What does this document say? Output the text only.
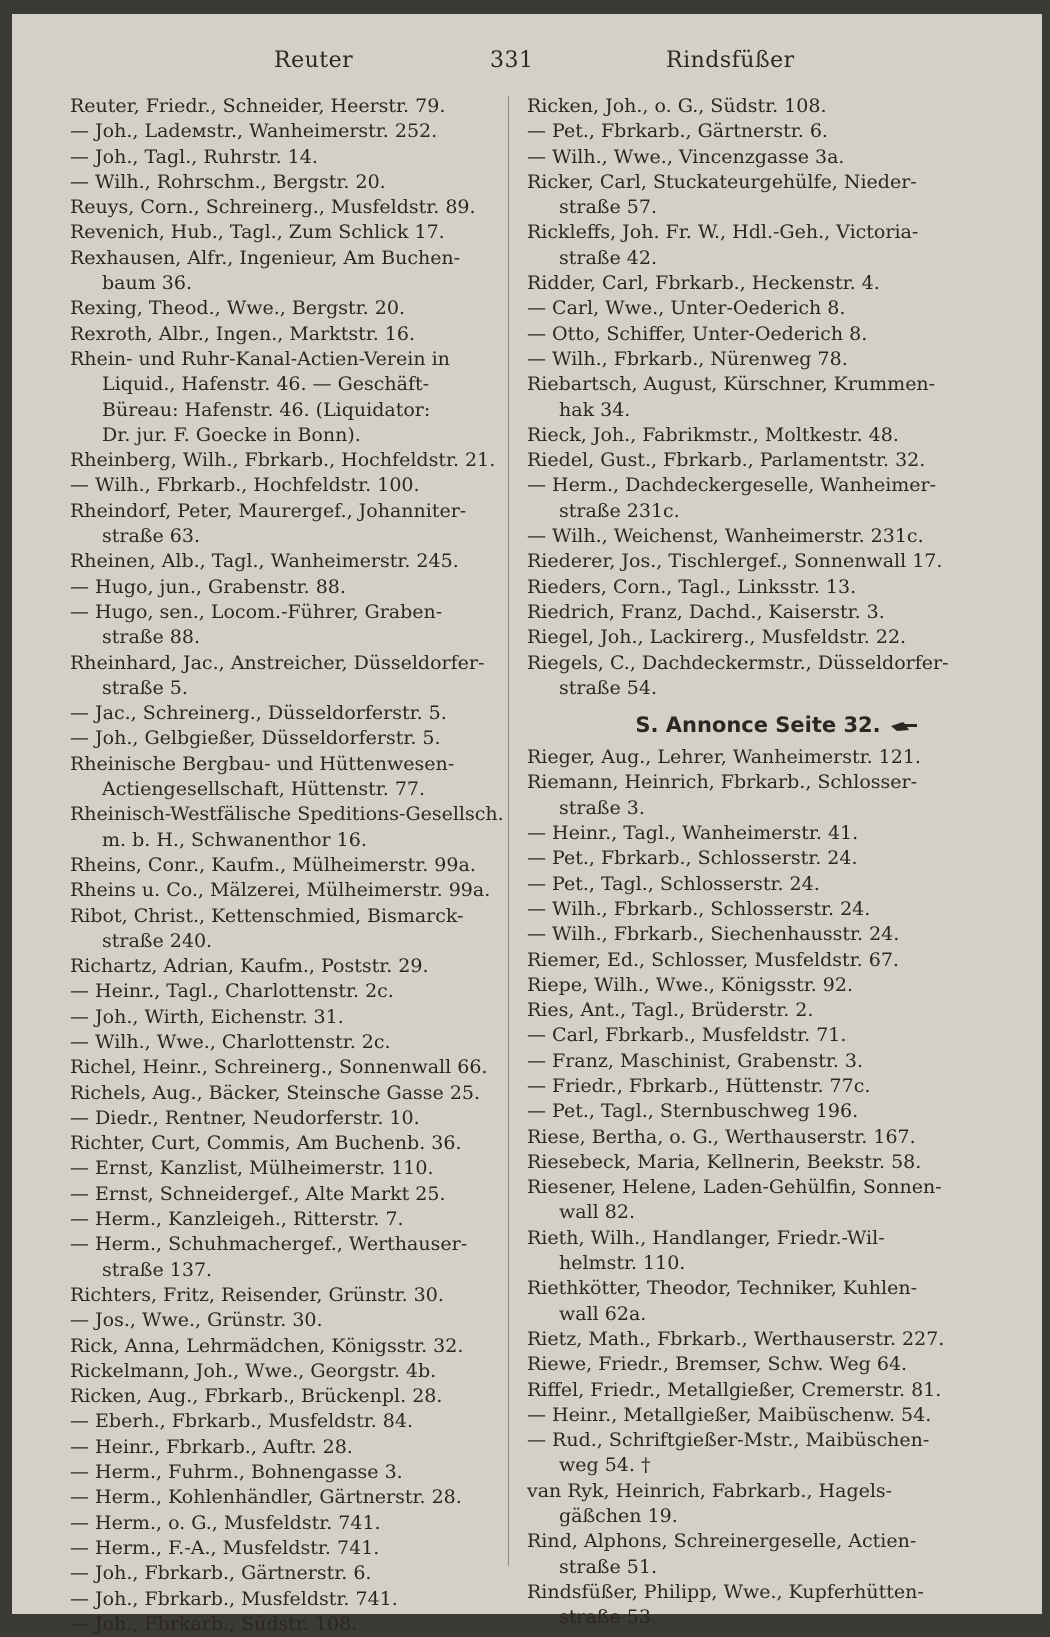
Reuter	331	Rindsfüßer
Reuter, Friedr., Schneider, Heerstr. 79.
— Joh., Ladeмstr., Wanheimerstr. 252.
— Joh., Tagl., Ruhrstr. 14.
— Wilh., Rohrschm., Bergstr. 20.
Reuys, Corn., Schreinerg., Musfeldstr. 89.
Revenich, Hub., Tagl., Zum Schlick 17.
Rexhausen, Alfr., Ingenieur, Am Buchen-
baum 36.
Rexing, Theod., Wwe., Bergstr. 20.
Rexroth, Albr., Ingen., Marktstr. 16.
Rhein- und Ruhr-Kanal-Actien-Verein in
Liquid., Hafenstr. 46. — Geschäft-
Büreau: Hafenstr. 46. (Liquidator:
Dr. jur. F. Goecke in Bonn).
Rheinberg, Wilh., Fbrkarb., Hochfeldstr. 21.
— Wilh., Fbrkarb., Hochfeldstr. 100.
Rheindorf, Peter, Maurergef., Johanniter-
straße 63.
Rheinen, Alb., Tagl., Wanheimerstr. 245.
— Hugo, jun., Grabenstr. 88.
— Hugo, sen., Locom.-Führer, Graben-
straße 88.
Rheinhard, Jac., Anstreicher, Düsseldorfer-
straße 5.
— Jac., Schreinerg., Düsseldorferstr. 5.
— Joh., Gelbgießer, Düsseldorferstr. 5.
Rheinische Bergbau- und Hüttenwesen-
Actiengesellschaft, Hüttenstr. 77.
Rheinisch-Westfälische Speditions-Gesellsch.
m. b. H., Schwanenthor 16.
Rheins, Conr., Kaufm., Mülheimerstr. 99a.
Rheins u. Co., Mälzerei, Mülheimerstr. 99a.
Ribot, Christ., Kettenschmied, Bismarck-
straße 240.
Richartz, Adrian, Kaufm., Poststr. 29.
— Heinr., Tagl., Charlottenstr. 2c.
— Joh., Wirth, Eichenstr. 31.
— Wilh., Wwe., Charlottenstr. 2c.
Richel, Heinr., Schreinerg., Sonnenwall 66.
Richels, Aug., Bäcker, Steinsche Gasse 25.
— Diedr., Rentner, Neudorferstr. 10.
Richter, Curt, Commis, Am Buchenb. 36.
— Ernst, Kanzlist, Mülheimerstr. 110.
— Ernst, Schneidergef., Alte Markt 25.
— Herm., Kanzleigeh., Ritterstr. 7.
— Herm., Schuhmachergef., Werthauser-
straße 137.
Richters, Fritz, Reisender, Grünstr. 30.
— Jos., Wwe., Grünstr. 30.
Rick, Anna, Lehrmädchen, Königsstr. 32.
Rickelmann, Joh., Wwe., Georgstr. 4b.
Ricken, Aug., Fbrkarb., Brückenpl. 28.
— Eberh., Fbrkarb., Musfeldstr. 84.
— Heinr., Fbrkarb., Auftr. 28.
— Herm., Fuhrm., Bohnengasse 3.
— Herm., Kohlenhändler, Gärtnerstr. 28.
— Herm., o. G., Musfeldstr. 741.
— Herm., F.-A., Musfeldstr. 741.
— Joh., Fbrkarb., Gärtnerstr. 6.
— Joh., Fbrkarb., Musfeldstr. 741.
— Joh., Fbrkarb., Südstr. 108.
Ricken, Joh., o. G., Südstr. 108.
— Pet., Fbrkarb., Gärtnerstr. 6.
— Wilh., Wwe., Vincenzgasse 3a.
Ricker, Carl, Stuckateurgehülfe, Nieder-
straße 57.
Rickleffs, Joh. Fr. W., Hdl.-Geh., Victoria-
straße 42.
Ridder, Carl, Fbrkarb., Heckenstr. 4.
— Carl, Wwe., Unter-Oederich 8.
— Otto, Schiffer, Unter-Oederich 8.
— Wilh., Fbrkarb., Nürenweg 78.
Riebartsch, August, Kürschner, Krummen-
hak 34.
Rieck, Joh., Fabrikmstr., Moltkestr. 48.
Riedel, Gust., Fbrkarb., Parlamentstr. 32.
— Herm., Dachdeckergeselle, Wanheimer-
straße 231c.
— Wilh., Weichenst, Wanheimerstr. 231c.
Riederer, Jos., Tischlergef., Sonnenwall 17.
Rieders, Corn., Tagl., Linksstr. 13.
Riedrich, Franz, Dachd., Kaiserstr. 3.
Riegel, Joh., Lackirerg., Musfeldstr. 22.
Riegels, C., Dachdeckermstr., Düsseldorfer-
straße 54.
S. Annonce Seite 32.
Rieger, Aug., Lehrer, Wanheimerstr. 121.
Riemann, Heinrich, Fbrkarb., Schlosser-
straße 3.
— Heinr., Tagl., Wanheimerstr. 41.
— Pet., Fbrkarb., Schlosserstr. 24.
— Pet., Tagl., Schlosserstr. 24.
— Wilh., Fbrkarb., Schlosserstr. 24.
— Wilh., Fbrkarb., Siechenhausstr. 24.
Riemer, Ed., Schlosser, Musfeldstr. 67.
Riepe, Wilh., Wwe., Königsstr. 92.
Ries, Ant., Tagl., Brüderstr. 2.
— Carl, Fbrkarb., Musfeldstr. 71.
— Franz, Maschinist, Grabenstr. 3.
— Friedr., Fbrkarb., Hüttenstr. 77c.
— Pet., Tagl., Sternbuschweg 196.
Riese, Bertha, o. G., Werthauserstr. 167.
Riesebeck, Maria, Kellnerin, Beekstr. 58.
Riesener, Helene, Laden-Gehülfin, Sonnen-
wall 82.
Rieth, Wilh., Handlanger, Friedr.-Wil-
helmstr. 110.
Riethkötter, Theodor, Techniker, Kuhlen-
wall 62a.
Rietz, Math., Fbrkarb., Werthauserstr. 227.
Riewe, Friedr., Bremser, Schw. Weg 64.
Riffel, Friedr., Metallgießer, Cremerstr. 81.
— Heinr., Metallgießer, Maibüschenw. 54.
— Rud., Schriftgießer-Mstr., Maibüschen-
weg 54. †
van Ryk, Heinrich, Fabrkarb., Hagels-
gäßchen 19.
Rind, Alphons, Schreinergeselle, Actien-
straße 51.
Rindsfüßer, Philipp, Wwe., Kupferhütten-
straße 53.
